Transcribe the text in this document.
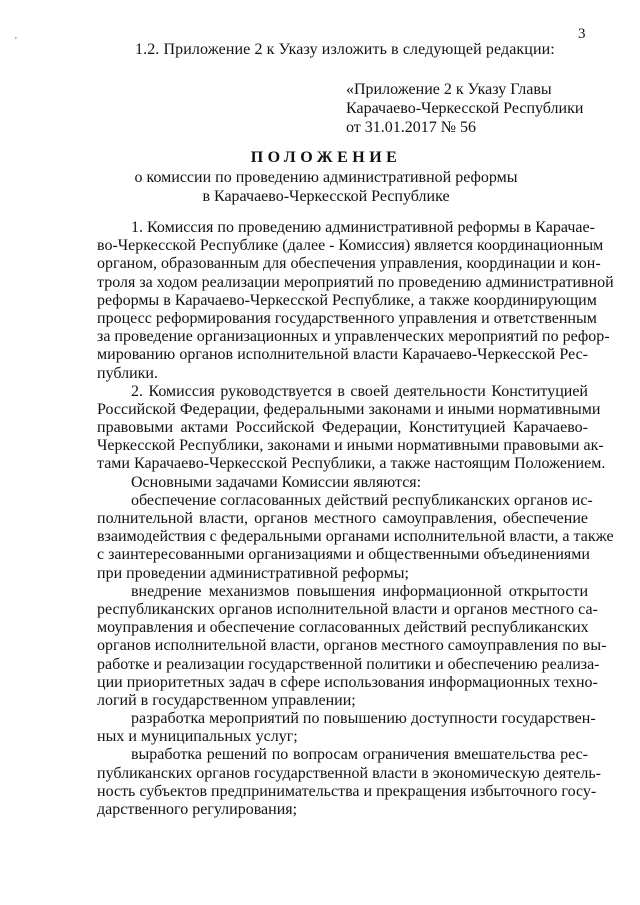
'	3
1.2. Приложение 2 к Указу изложить в следующей редакции:
«Приложение 2 к Указу Главы
Карачаево-Черкесской Республики
от 31.01.2017 № 56
ПОЛОЖЕНИЕ
о комиссии по проведению административной реформы
в Карачаево-Черкесской Республике
1. Комиссия по проведению административной реформы в Карачае-
во-Черкесской Республике (далее - Комиссия) является координационным
органом, образованным для обеспечения управления, координации и кон-
троля за ходом реализации мероприятий по проведению административной
реформы в Карачаево-Черкесской Республике, а также координирующим
процесс реформирования государственного управления и ответственным
за проведение организационных и управленческих мероприятий по рефор-
мированию органов исполнительной власти Карачаево-Черкесской Рес-
публики.
2. Комиссия руководствуется в своей деятельности Конституцией
Российской Федерации, федеральными законами и иными нормативными
правовыми актами Российской Федерации, Конституцией Карачаево-
Черкесской Республики, законами и иными нормативными правовыми ак-
тами Карачаево-Черкесской Республики, а также настоящим Положением.
Основными задачами Комиссии являются:
обеспечение согласованных действий республиканских органов ис-
полнительной власти, органов местного самоуправления, обеспечение
взаимодействия с федеральными органами исполнительной власти, а также
с заинтересованными организациями и общественными объединениями
при проведении административной реформы;
внедрение механизмов повышения информационной открытости
республиканских органов исполнительной власти и органов местного са-
моуправления и обеспечение согласованных действий республиканских
органов исполнительной власти, органов местного самоуправления по вы-
работке и реализации государственной политики и обеспечению реализа-
ции приоритетных задач в сфере использования информационных техно-
логий в государственном управлении;
разработка мероприятий по повышению доступности государствен-
ных и муниципальных услуг;
выработка решений по вопросам ограничения вмешательства рес-
публиканских органов государственной власти в экономическую деятель-
ность субъектов предпринимательства и прекращения избыточного госу-
дарственного регулирования;
